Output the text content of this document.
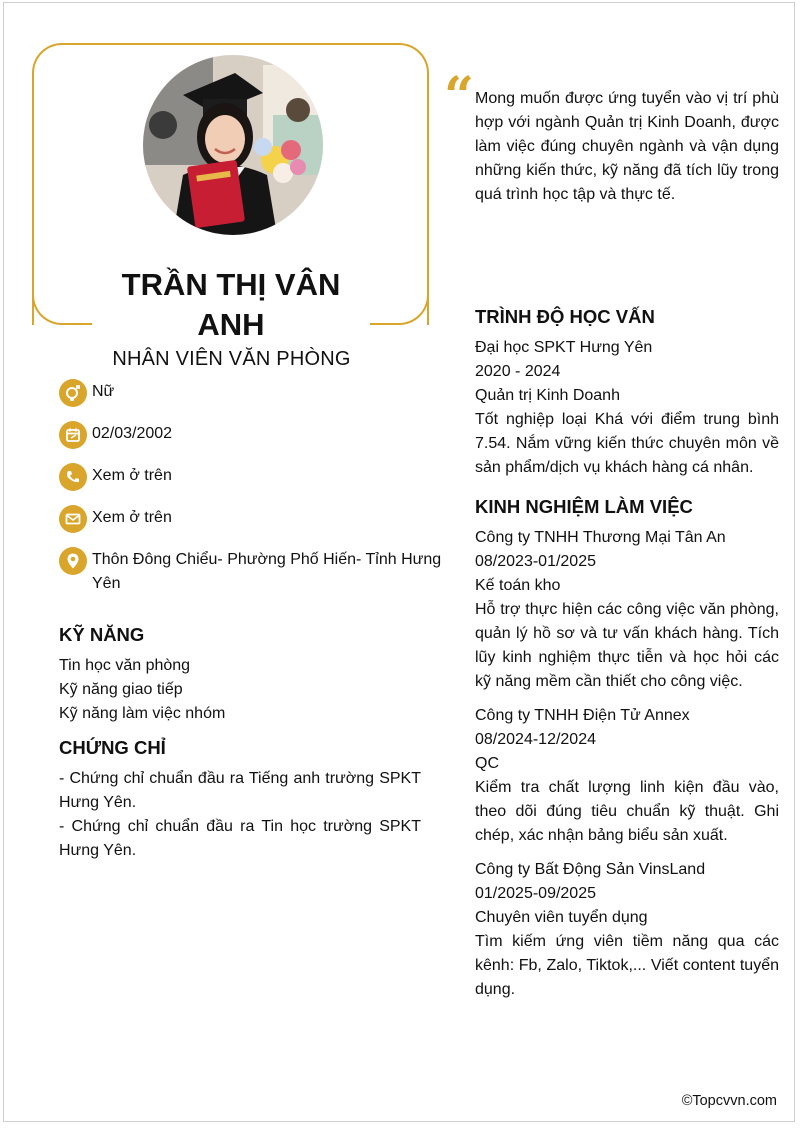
TRẦN THỊ VÂN ANH
NHÂN VIÊN VĂN PHÒNG
Nữ
02/03/2002
Xem ở trên
Xem ở trên
Thôn Đông Chiểu- Phường Phố Hiến- Tỉnh Hưng Yên
KỸ NĂNG
Tin học văn phòng
Kỹ năng giao tiếp
Kỹ năng làm việc nhóm
CHỨNG CHỈ
- Chứng chỉ chuẩn đầu ra Tiếng anh trường SPKT Hưng Yên.
- Chứng chỉ chuẩn đầu ra Tin học trường SPKT Hưng Yên.
“ Mong muốn được ứng tuyển vào vị trí phù hợp với ngành Quản trị Kinh Doanh, được làm việc đúng chuyên ngành và vận dụng những kiến thức, kỹ năng đã tích lũy trong quá trình học tập và thực tế.
TRÌNH ĐỘ HỌC VẤN
Đại học SPKT Hưng Yên
2020 - 2024
Quản trị Kinh Doanh
Tốt nghiệp loại Khá với điểm trung bình 7.54. Nắm vững kiến thức chuyên môn về sản phẩm/dịch vụ khách hàng cá nhân.
KINH NGHIỆM LÀM VIỆC
Công ty TNHH Thương Mại Tân An
08/2023-01/2025
Kế toán kho
Hỗ trợ thực hiện các công việc văn phòng, quản lý hồ sơ và tư vấn khách hàng. Tích lũy kinh nghiệm thực tiễn và học hỏi các kỹ năng mềm cần thiết cho công việc.
Công ty TNHH Điện Tử Annex
08/2024-12/2024
QC
Kiểm tra chất lượng linh kiện đầu vào, theo dõi đúng tiêu chuẩn kỹ thuật. Ghi chép, xác nhận bảng biểu sản xuất.
Công ty Bất Động Sản VinsLand
01/2025-09/2025
Chuyên viên tuyển dụng
Tìm kiếm ứng viên tiềm năng qua các kênh: Fb, Zalo, Tiktok,... Viết content tuyển dụng.
©Topcvvn.com
